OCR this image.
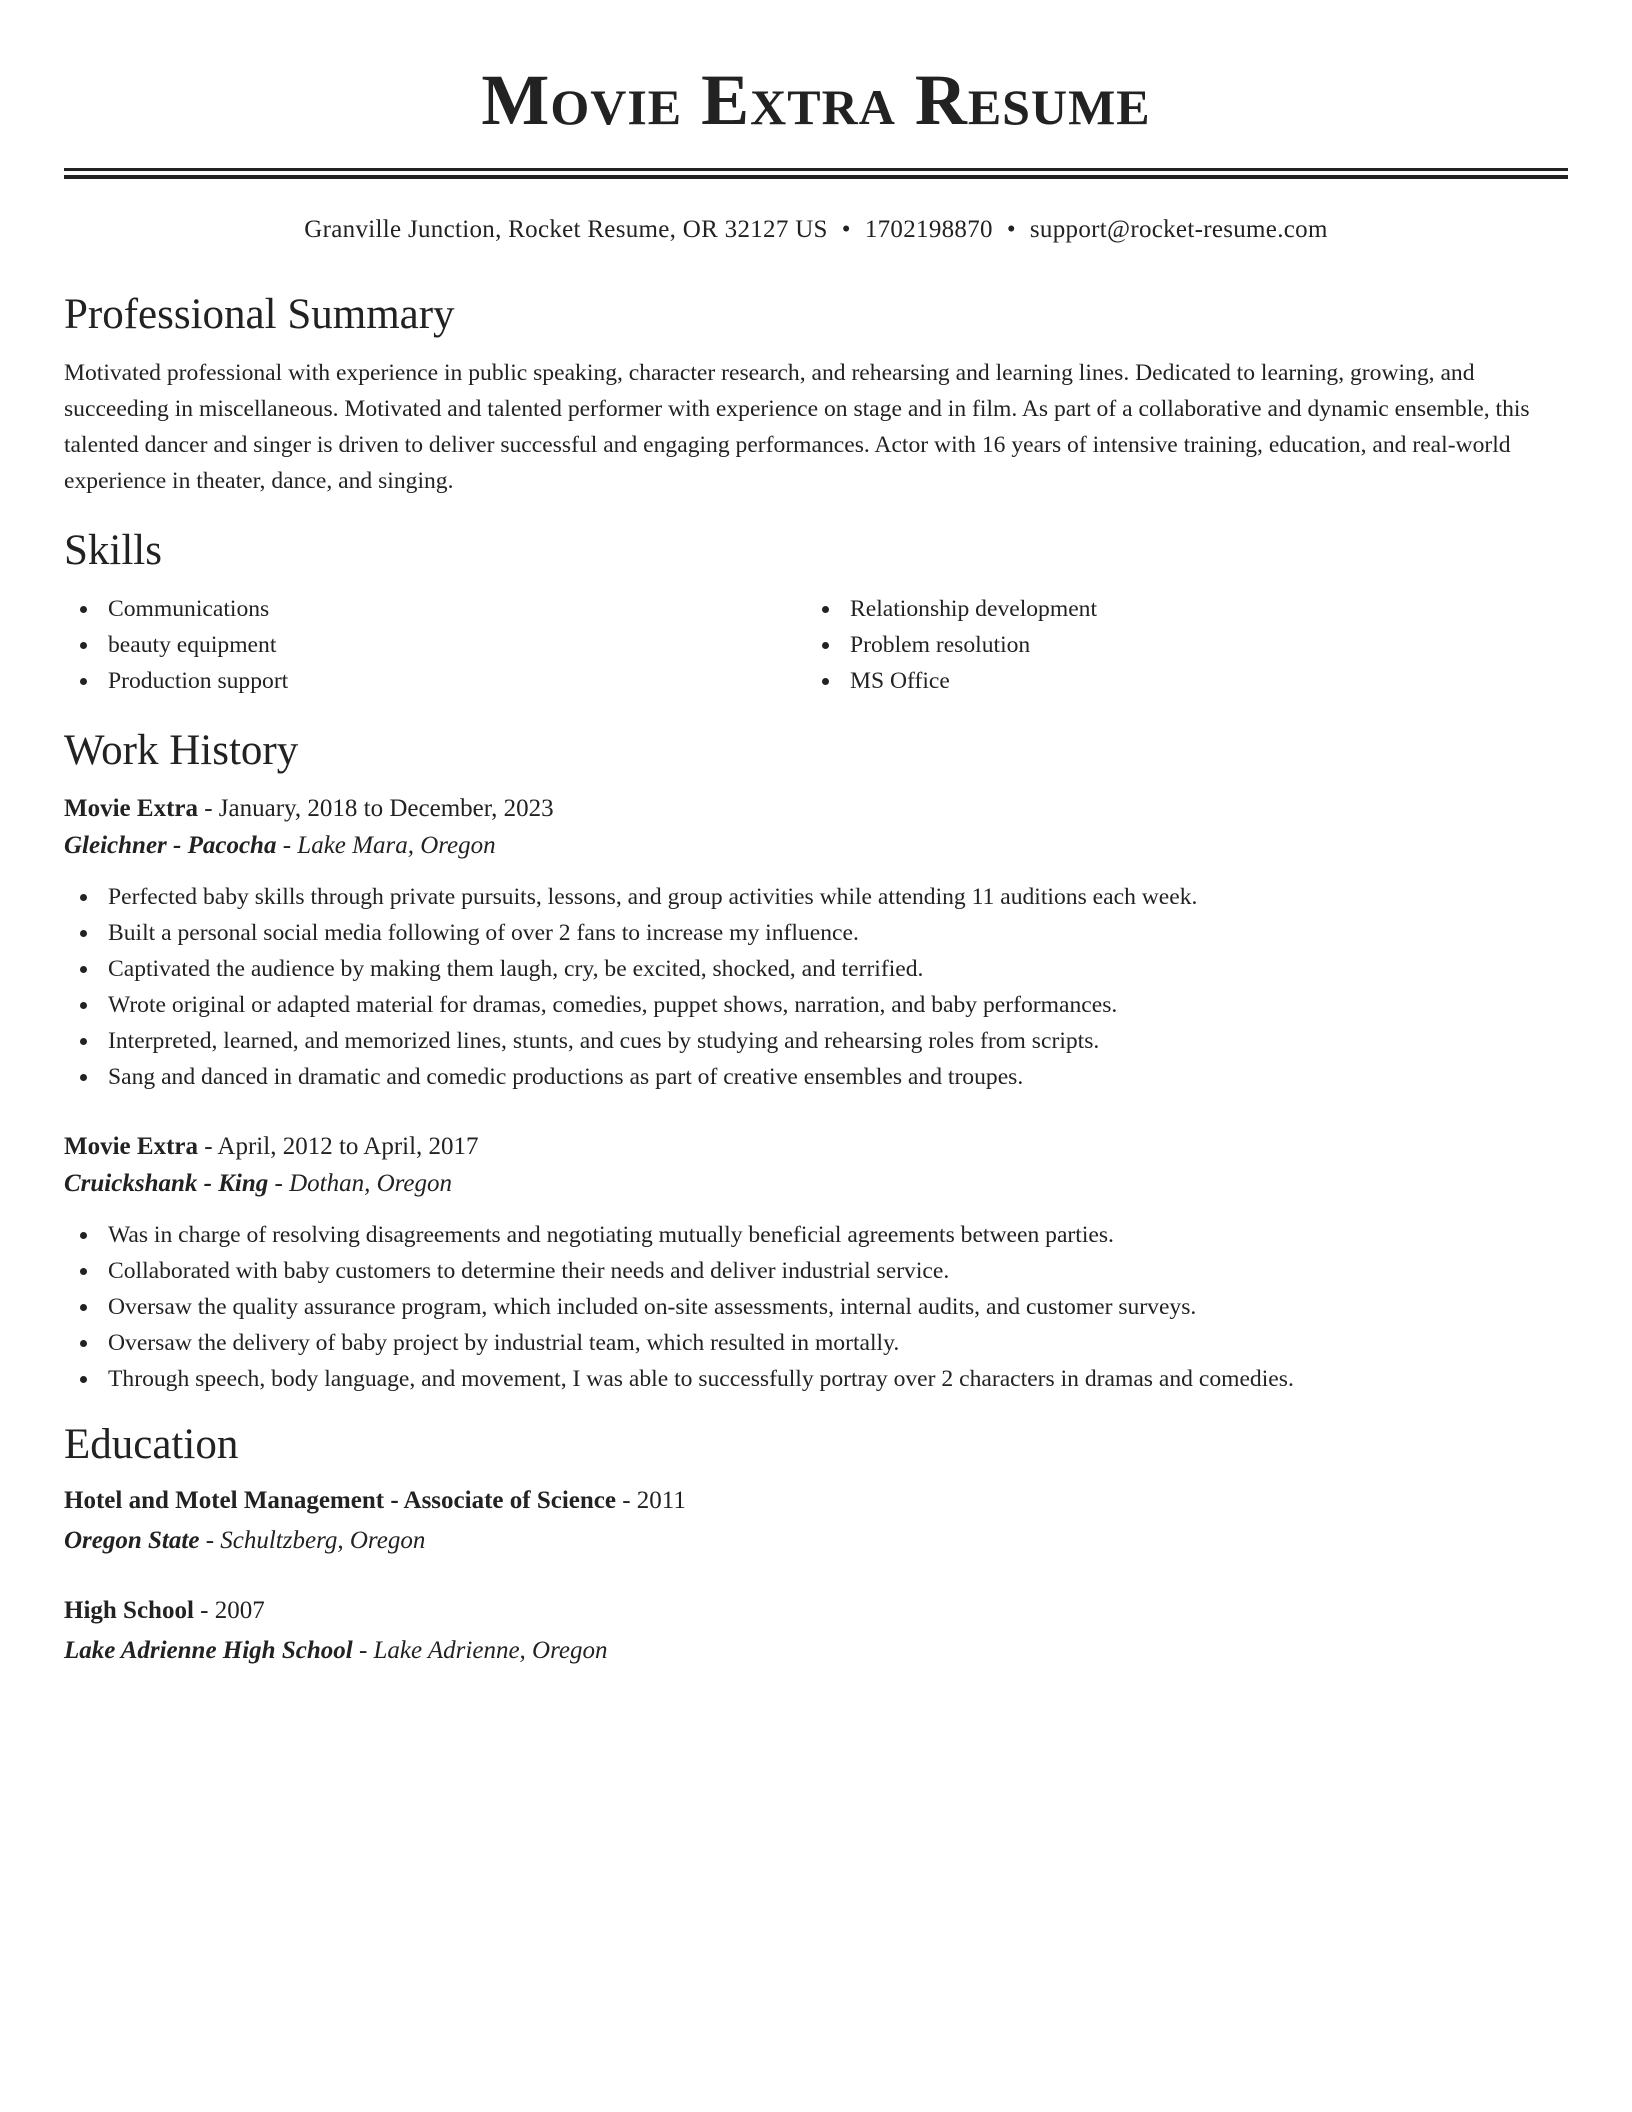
Movie Extra Resume
Granville Junction, Rocket Resume, OR 32127 US • 1702198870 • support@rocket-resume.com
Professional Summary
Motivated professional with experience in public speaking, character research, and rehearsing and learning lines. Dedicated to learning, growing, and succeeding in miscellaneous. Motivated and talented performer with experience on stage and in film. As part of a collaborative and dynamic ensemble, this talented dancer and singer is driven to deliver successful and engaging performances. Actor with 16 years of intensive training, education, and real-world experience in theater, dance, and singing.
Skills
Communications
beauty equipment
Production support
Relationship development
Problem resolution
MS Office
Work History
Movie Extra - January, 2018 to December, 2023
Gleichner - Pacocha - Lake Mara, Oregon
Perfected baby skills through private pursuits, lessons, and group activities while attending 11 auditions each week.
Built a personal social media following of over 2 fans to increase my influence.
Captivated the audience by making them laugh, cry, be excited, shocked, and terrified.
Wrote original or adapted material for dramas, comedies, puppet shows, narration, and baby performances.
Interpreted, learned, and memorized lines, stunts, and cues by studying and rehearsing roles from scripts.
Sang and danced in dramatic and comedic productions as part of creative ensembles and troupes.
Movie Extra - April, 2012 to April, 2017
Cruickshank - King - Dothan, Oregon
Was in charge of resolving disagreements and negotiating mutually beneficial agreements between parties.
Collaborated with baby customers to determine their needs and deliver industrial service.
Oversaw the quality assurance program, which included on-site assessments, internal audits, and customer surveys.
Oversaw the delivery of baby project by industrial team, which resulted in mortally.
Through speech, body language, and movement, I was able to successfully portray over 2 characters in dramas and comedies.
Education
Hotel and Motel Management - Associate of Science - 2011
Oregon State - Schultzberg, Oregon
High School - 2007
Lake Adrienne High School - Lake Adrienne, Oregon
